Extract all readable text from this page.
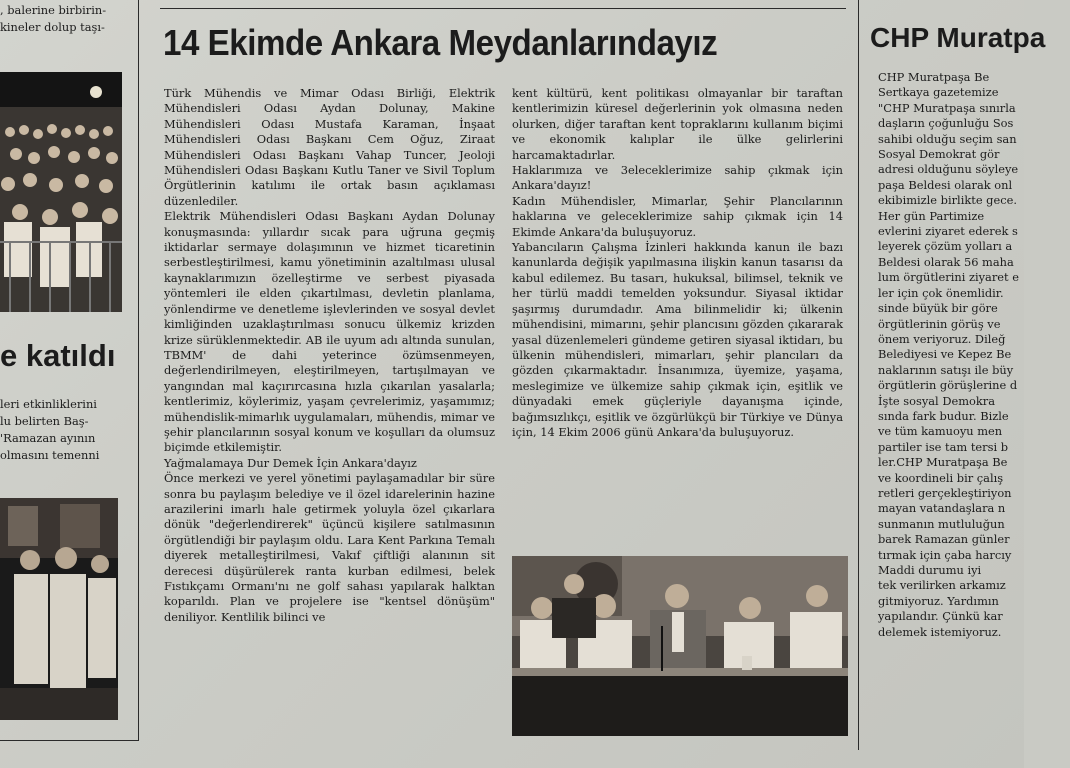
, balerine birbirin-
kineler dolup taşı-

e katıldı

leri etkinliklerini
lu belirten Baş-
'Ramazan ayının
olmasını temenni

14 Ekimde Ankara Meydanlarındayız

Türk Mühendis ve Mimar Odası Birliği, Elektrik Mühendisleri Odası Aydan Dolunay, Makine Mühendisleri Odası Mustafa Karaman, İnşaat Mühendisleri Odası Başkanı Cem Oğuz, Ziraat Mühendisleri Odası Başkanı Vahap Tuncer, Jeoloji Mühendisleri Odası Başkanı Kutlu Taner ve Sivil Toplum Örgütlerinin katılımı ile ortak basın açıklaması düzenlediler.
Elektrik Mühendisleri Odası Başkanı Aydan Dolunay konuşmasında: yıllardır sıcak para uğruna geçmiş iktidarlar sermaye dolaşımının ve hizmet ticaretinin serbestleştirilmesi, kamu yönetiminin azaltılması ulusal kaynaklarımızın özelleştirme ve serbest piyasada yöntemleri ile elden çıkartılması, devletin planlama, yönlendirme ve denetleme işlevlerinden ve sosyal devlet kimliğinden uzaklaştırılması sonucu ülkemiz krizden krize sürüklenmektedir. AB ile uyum adı altında sunulan, TBMM' de dahi yeterince özümsenmeyen, değerlendirilmeyen, eleştirilmeyen, tartışılmayan ve yangından mal kaçırırcasına hızla çıkarılan yasalarla; kentlerimiz, köylerimiz, yaşam çevrelerimiz, yaşamımız; mühendislik-mimarlık uygulamaları, mühendis, mimar ve şehir plancılarının sosyal konum ve koşulları da olumsuz biçimde etkilemiştir.
Yağmalamaya Dur Demek İçin Ankara'dayız
Önce merkezi ve yerel yönetimi paylaşamadılar bir süre sonra bu paylaşım belediye ve il özel idarelerinin hazine arazilerini imarlı hale getirmek yoluyla özel çıkarlara dönük "değerlendirerek" üçüncü kişilere satılmasının örgütlendiği bir paylaşım oldu. Lara Kent Parkına Temalı diyerek metalleştirilmesi, Vakıf çiftliği alanının sit derecesi düşürülerek ranta kurban edilmesi, belek Fıstıkçamı Ormanı'nı ne golf sahası yapılarak halktan koparıldı. Plan ve projelere ise "kentsel dönüşüm" deniliyor. Kentlilik bilinci ve

kent kültürü, kent politikası olmayanlar bir taraftan kentlerimizin küresel değerlerinin yok olmasına neden olurken, diğer taraftan kent topraklarını kullanım biçimi ve ekonomik kalıplar ile ülke gelirlerini harcamaktadırlar.
Haklarımıza ve 3eleceklerimize sahip çıkmak için Ankara'dayız!
Kadın Mühendisler, Mimarlar, Şehir Plancılarının haklarına ve geleceklerimize sahip çıkmak için 14 Ekimde Ankara'da buluşuyoruz.
Yabancıların Çalışma İzinleri hakkında kanun ile bazı kanunlarda değişik yapılmasına ilişkin kanun tasarısı da kabul edilemez. Bu tasarı, hukuksal, bilimsel, teknik ve her türlü maddi temelden yoksundur. Siyasal iktidar şaşırmış durumdadır. Ama bilinmelidir ki; ülkenin mühendisini, mimarını, şehir plancısını gözden çıkararak yasal düzenlemeleri gündeme getiren siyasal iktidarı, bu ülkenin mühendisleri, mimarları, şehir plancıları da gözden çıkarmaktadır. İnsanımıza, üyemize, yaşama, meslegimize ve ülkemize sahip çıkmak için, eşitlik ve dünyadaki emek güçleriyle dayanışma içinde, bağımsızlıkçı, eşitlik ve özgürlükçü bir Türkiye ve Dünya için, 14 Ekim 2006 günü Ankara'da buluşuyoruz.

CHP Muratpa

CHP Muratpaşa Be
Sertkaya gazetemize
"CHP Muratpaşa sınırla
daşların çoğunluğu Sos
sahibi olduğu seçim san
Sosyal Demokrat gör
adresi olduğunu söyleye
paşa Beldesi olarak onl
ekibimizle birlikte gece.
Her gün Partimize
evlerini ziyaret ederek s
leyerek çözüm yolları a
Beldesi olarak 56 maha
lum örgütlerini ziyaret e
ler için çok önemlidir.
sinde büyük bir göre
örgütlerinin görüş ve
önem veriyoruz. Dileğ
Belediyesi ve Kepez Be
naklarının satışı ile büy
örgütlerin görüşlerine d
İşte sosyal Demokra
sında fark budur. Bizle
ve tüm kamuoyu men
partiler ise tam tersi b
ler.CHP Muratpaşa Be
ve koordineli bir çalış
retleri gerçekleştiriyon
mayan vatandaşlara n
sunmanın mutluluğun
barek Ramazan günler
tırmak için çaba harcıy
Maddi durumu iyi
tek verilirken arkamız
gitmiyoruz. Yardımın
yapılandır. Çünkü kar
delemek istemiyoruz.
